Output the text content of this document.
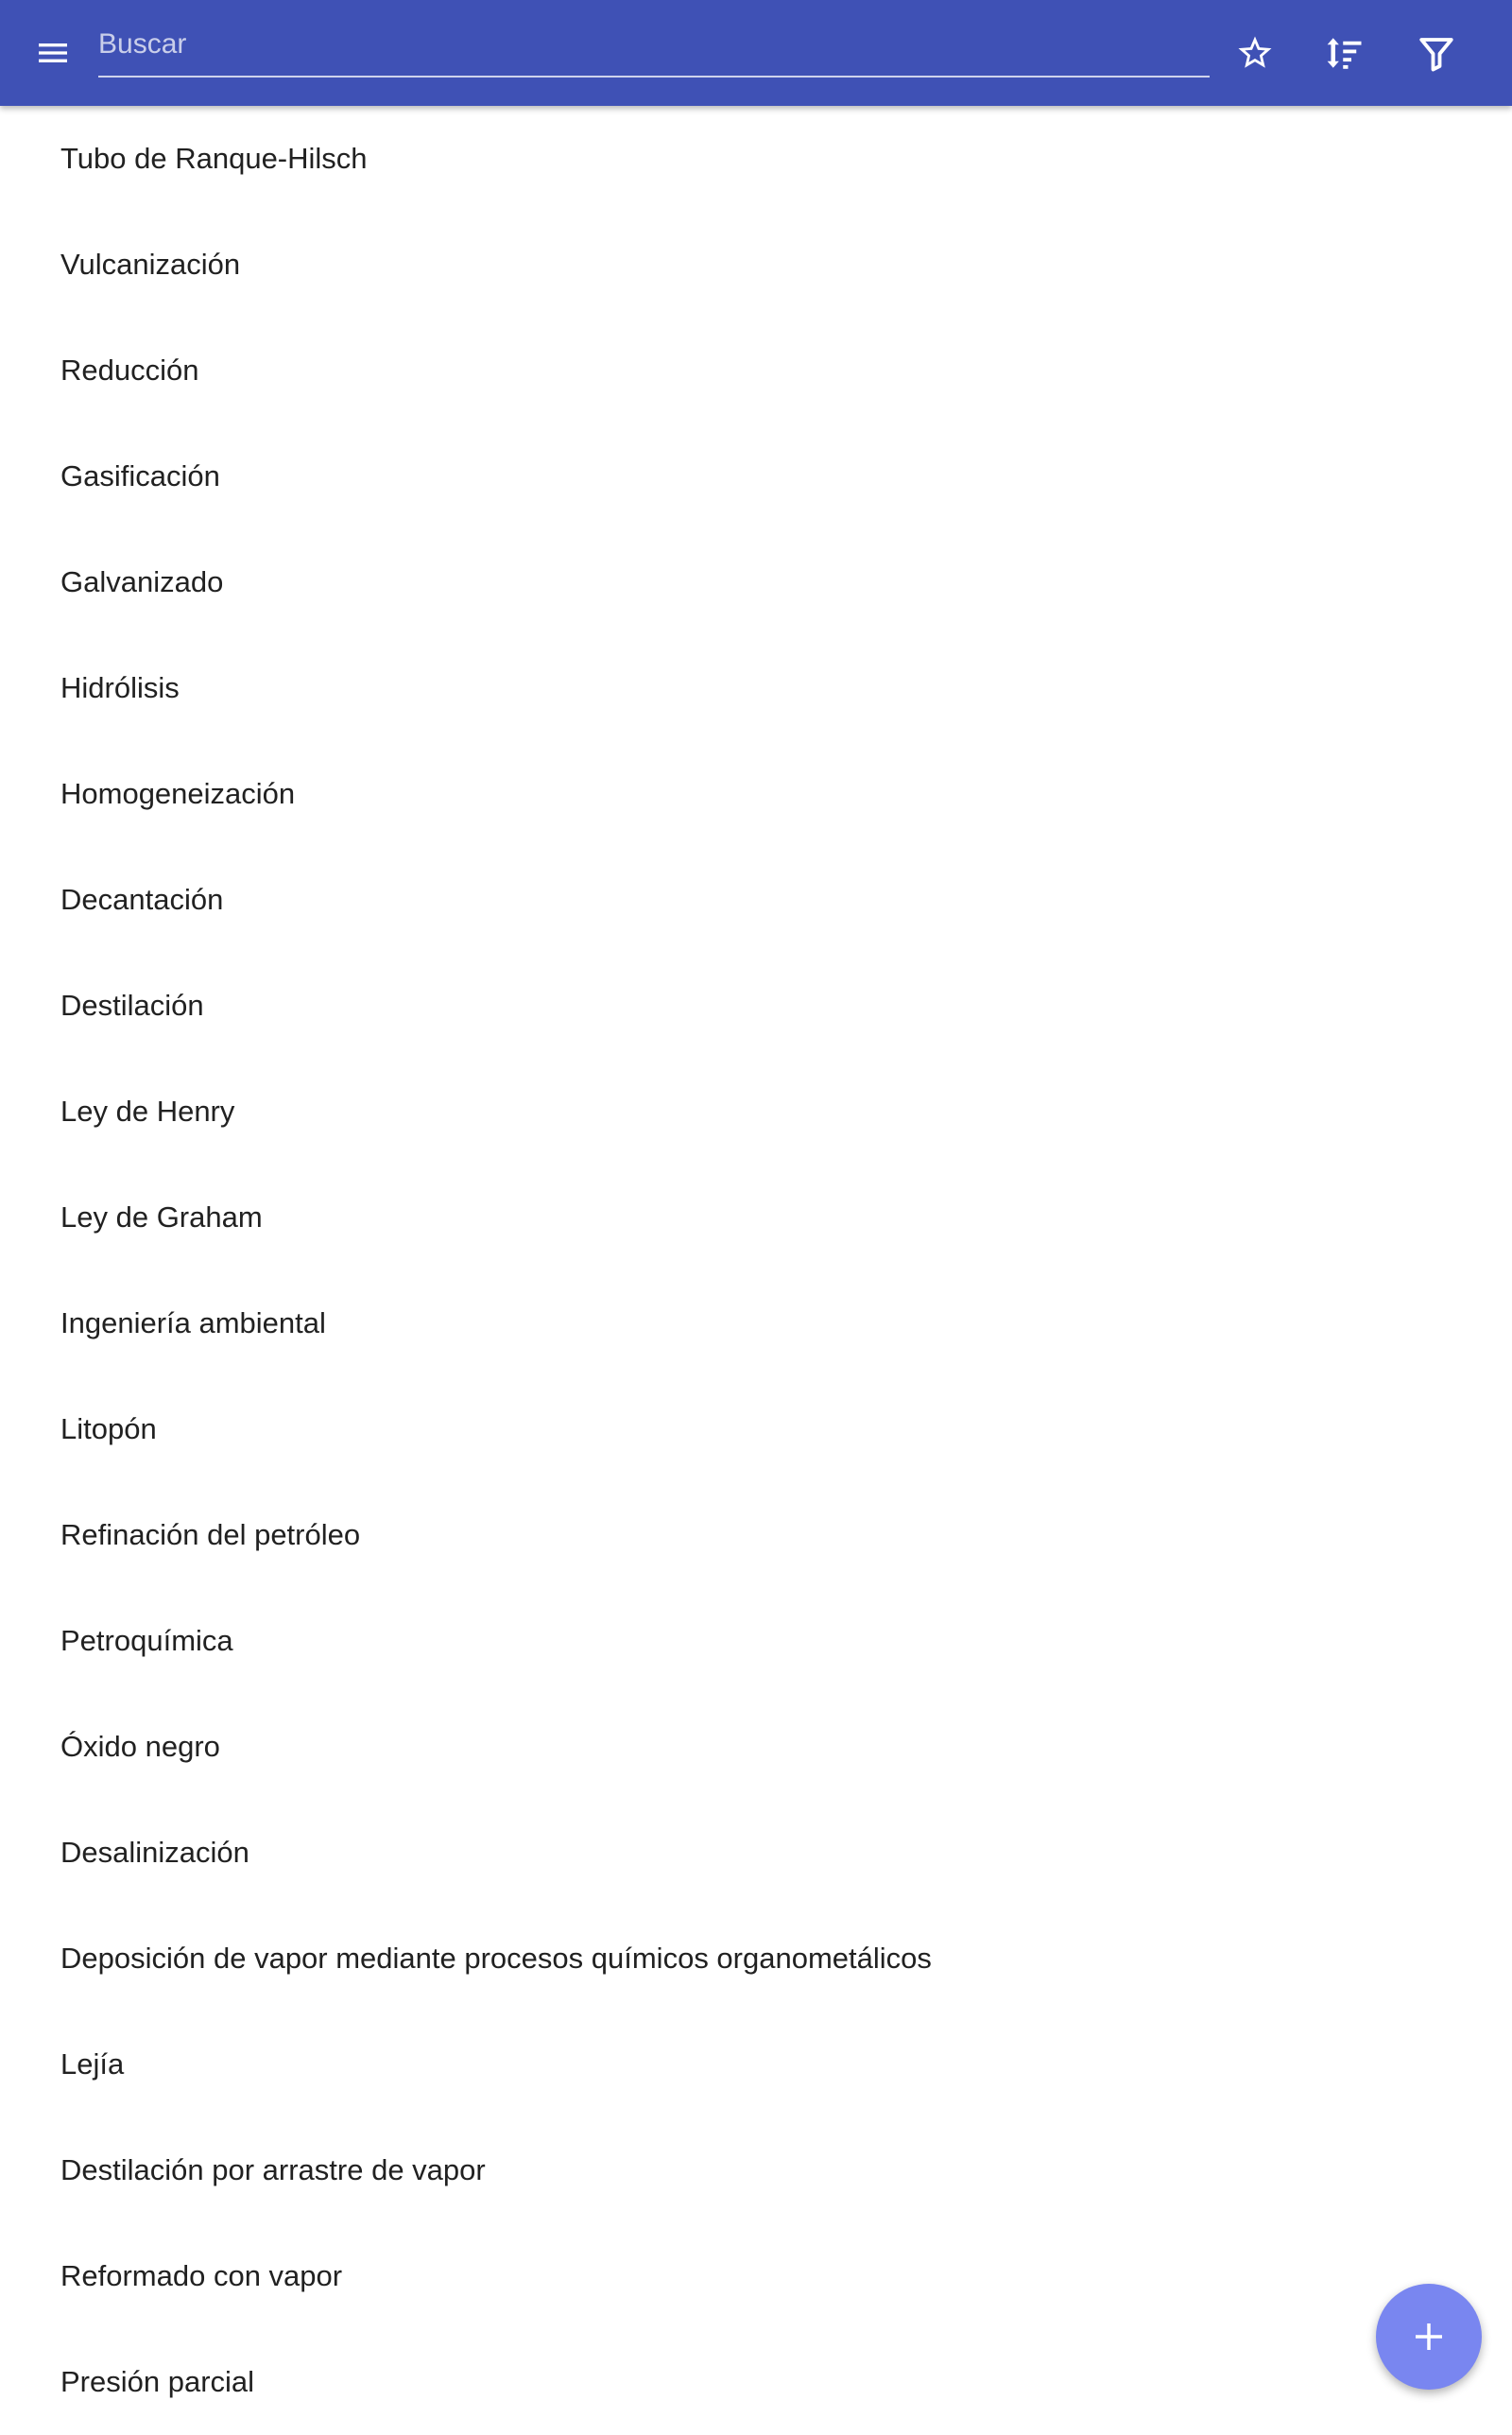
Buscar
Tubo de Ranque-Hilsch
Vulcanización
Reducción
Gasificación
Galvanizado
Hidrólisis
Homogeneización
Decantación
Destilación
Ley de Henry
Ley de Graham
Ingeniería ambiental
Litopón
Refinación del petróleo
Petroquímica
Óxido negro
Desalinización
Deposición de vapor mediante procesos químicos organometálicos
Lejía
Destilación por arrastre de vapor
Reformado con vapor
Presión parcial
